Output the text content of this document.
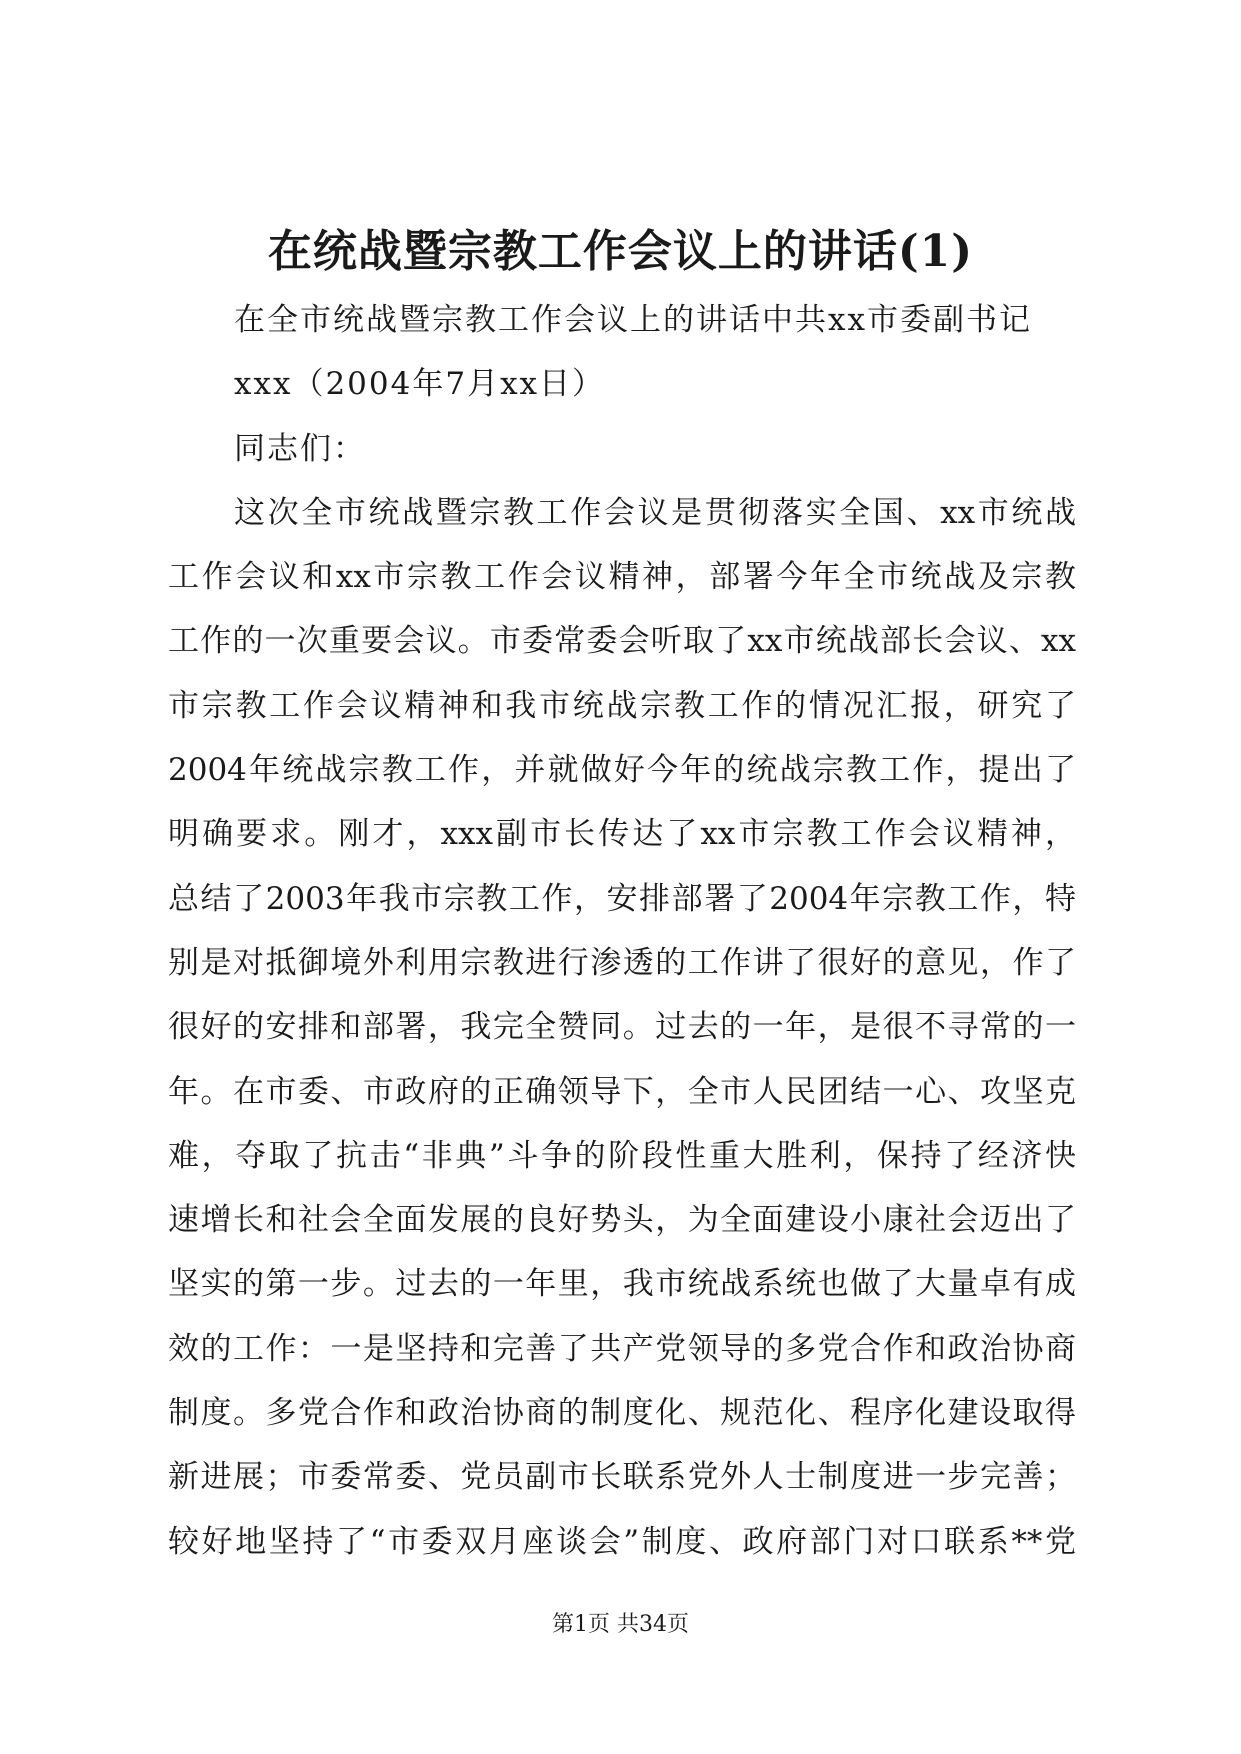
在统战暨宗教工作会议上的讲话(1)
在全市统战暨宗教工作会议上的讲话中共xx市委副书记
xxx（2004年7月xx日）
同志们：
这次全市统战暨宗教工作会议是贯彻落实全国、xx市统战
工作会议和xx市宗教工作会议精神，部署今年全市统战及宗教
工作的一次重要会议。市委常委会听取了xx市统战部长会议、xx
市宗教工作会议精神和我市统战宗教工作的情况汇报，研究了
2004年统战宗教工作，并就做好今年的统战宗教工作，提出了
明确要求。刚才，xxx副市长传达了xx市宗教工作会议精神，
总结了2003年我市宗教工作，安排部署了2004年宗教工作，特
别是对抵御境外利用宗教进行渗透的工作讲了很好的意见，作了
很好的安排和部署，我完全赞同。过去的一年，是很不寻常的一
年。在市委、市政府的正确领导下，全市人民团结一心、攻坚克
难，夺取了抗击“非典”斗争的阶段性重大胜利，保持了经济快
速增长和社会全面发展的良好势头，为全面建设小康社会迈出了
坚实的第一步。过去的一年里，我市统战系统也做了大量卓有成
效的工作：一是坚持和完善了共产党领导的多党合作和政治协商
制度。多党合作和政治协商的制度化、规范化、程序化建设取得
新进展；市委常委、党员副市长联系党外人士制度进一步完善；
较好地坚持了“市委双月座谈会”制度、政府部门对口联系**党
第1页 共34页
